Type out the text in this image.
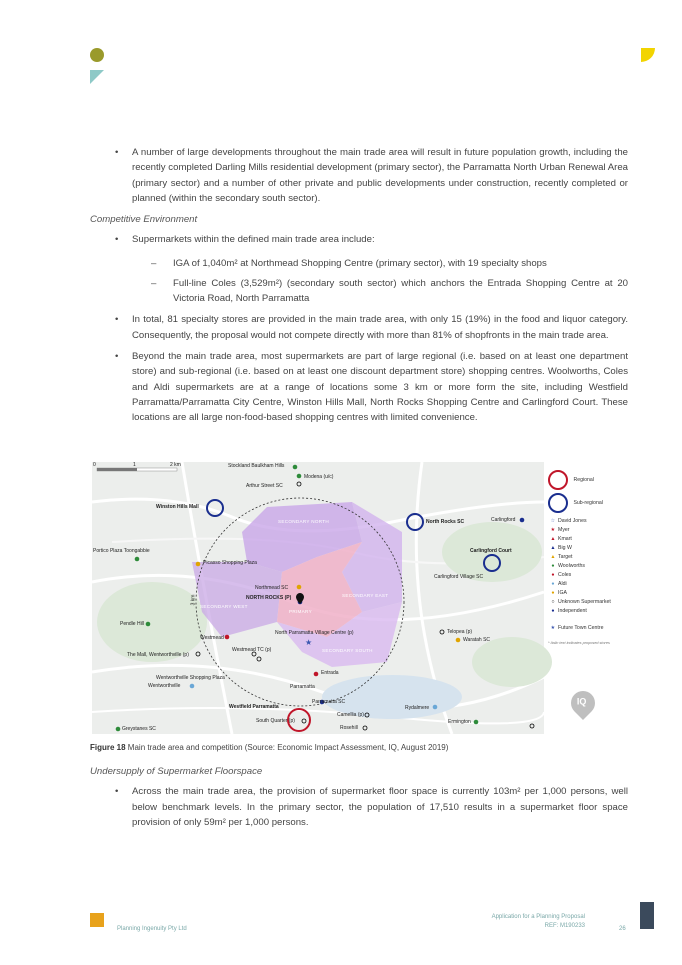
• A number of large developments throughout the main trade area will result in future population growth, including the recently completed Darling Mills residential development (primary sector), the Parramatta North Urban Renewal Area (primary sector) and a number of other private and public developments under construction, recently completed or planned (within the secondary south sector).

Competitive Environment

• Supermarkets within the defined main trade area include:

– IGA of 1,040m² at Northmead Shopping Centre (primary sector), with 19 specialty shops

– Full-line Coles (3,529m²) (secondary south sector) which anchors the Entrada Shopping Centre at 20 Victoria Road, North Parramatta

• In total, 81 specialty stores are provided in the main trade area, with only 15 (19%) in the food and liquor category. Consequently, the proposal would not compete directly with more than 81% of shopfronts in the main trade area.

• Beyond the main trade area, most supermarkets are part of large regional (i.e. based on at least one department store) and sub-regional (i.e. based on at least one discount department store) shopping centres. Woolworths, Coles and Aldi supermarkets are at a range of locations some 3 km or more form the site, including Westfield Parramatta/Parramatta City Centre, Winston Hills Mall, North Rocks Shopping Centre and Carlingford Court. These locations are all large non-food-based shopping centres with limited convenience.

★
0	1	2 km
3 km
SECONDARY NORTH
SECONDARY EAST
SECONDARY WEST
PRIMARY
SECONDARY SOUTH
Stockland Baulkham Hills
Modena (u/c)
Arthur Street SC
Winston Hills Mall
North Rocks SC	Carlingford
Carlingford Court
Carlingford Village SC
Portico Plaza Toongabbie
Picasso Shopping Plaza
Northmead SC
NORTH ROCKS (P)
Pendle Hill
Telopea (p)
Waratah SC
North Parramatta Village Centre (p)
Westmead
Westmead TC (p)
The Mall, Wentworthville (p)
Entrada
Wentworthville Shopping Plaza
Wentworthville	Parramatta
Westfield Parramatta
Parramatta SC
Rydalmere
South Quarter (p)
Camellia (p)
Ermington
Rosehill
Greystanes SC
IQ
Regional
Sub-regional
☆ David Jones
★ Myer
▲ Kmart
▲ Big W
▲ Target
● Woolworths
● Coles
● Aldi
● IGA
○ Unknown Supermarket
● Independent
★ Future Town Centre
* Italic text indicates proposed stores
Figure 18 Main trade area and competition (Source: Economic Impact Assessment, IQ, August 2019)

Undersupply of Supermarket Floorspace

• Across the main trade area, the provision of supermarket floor space is currently 103m² per 1,000 persons, well below benchmark levels. In the primary sector, the population of 17,510 results in a supermarket floor space provision of only 59m² per 1,000 persons.

Planning Ingenuity Pty Ltd
Application for a Planning Proposal
REF: M190233	26
